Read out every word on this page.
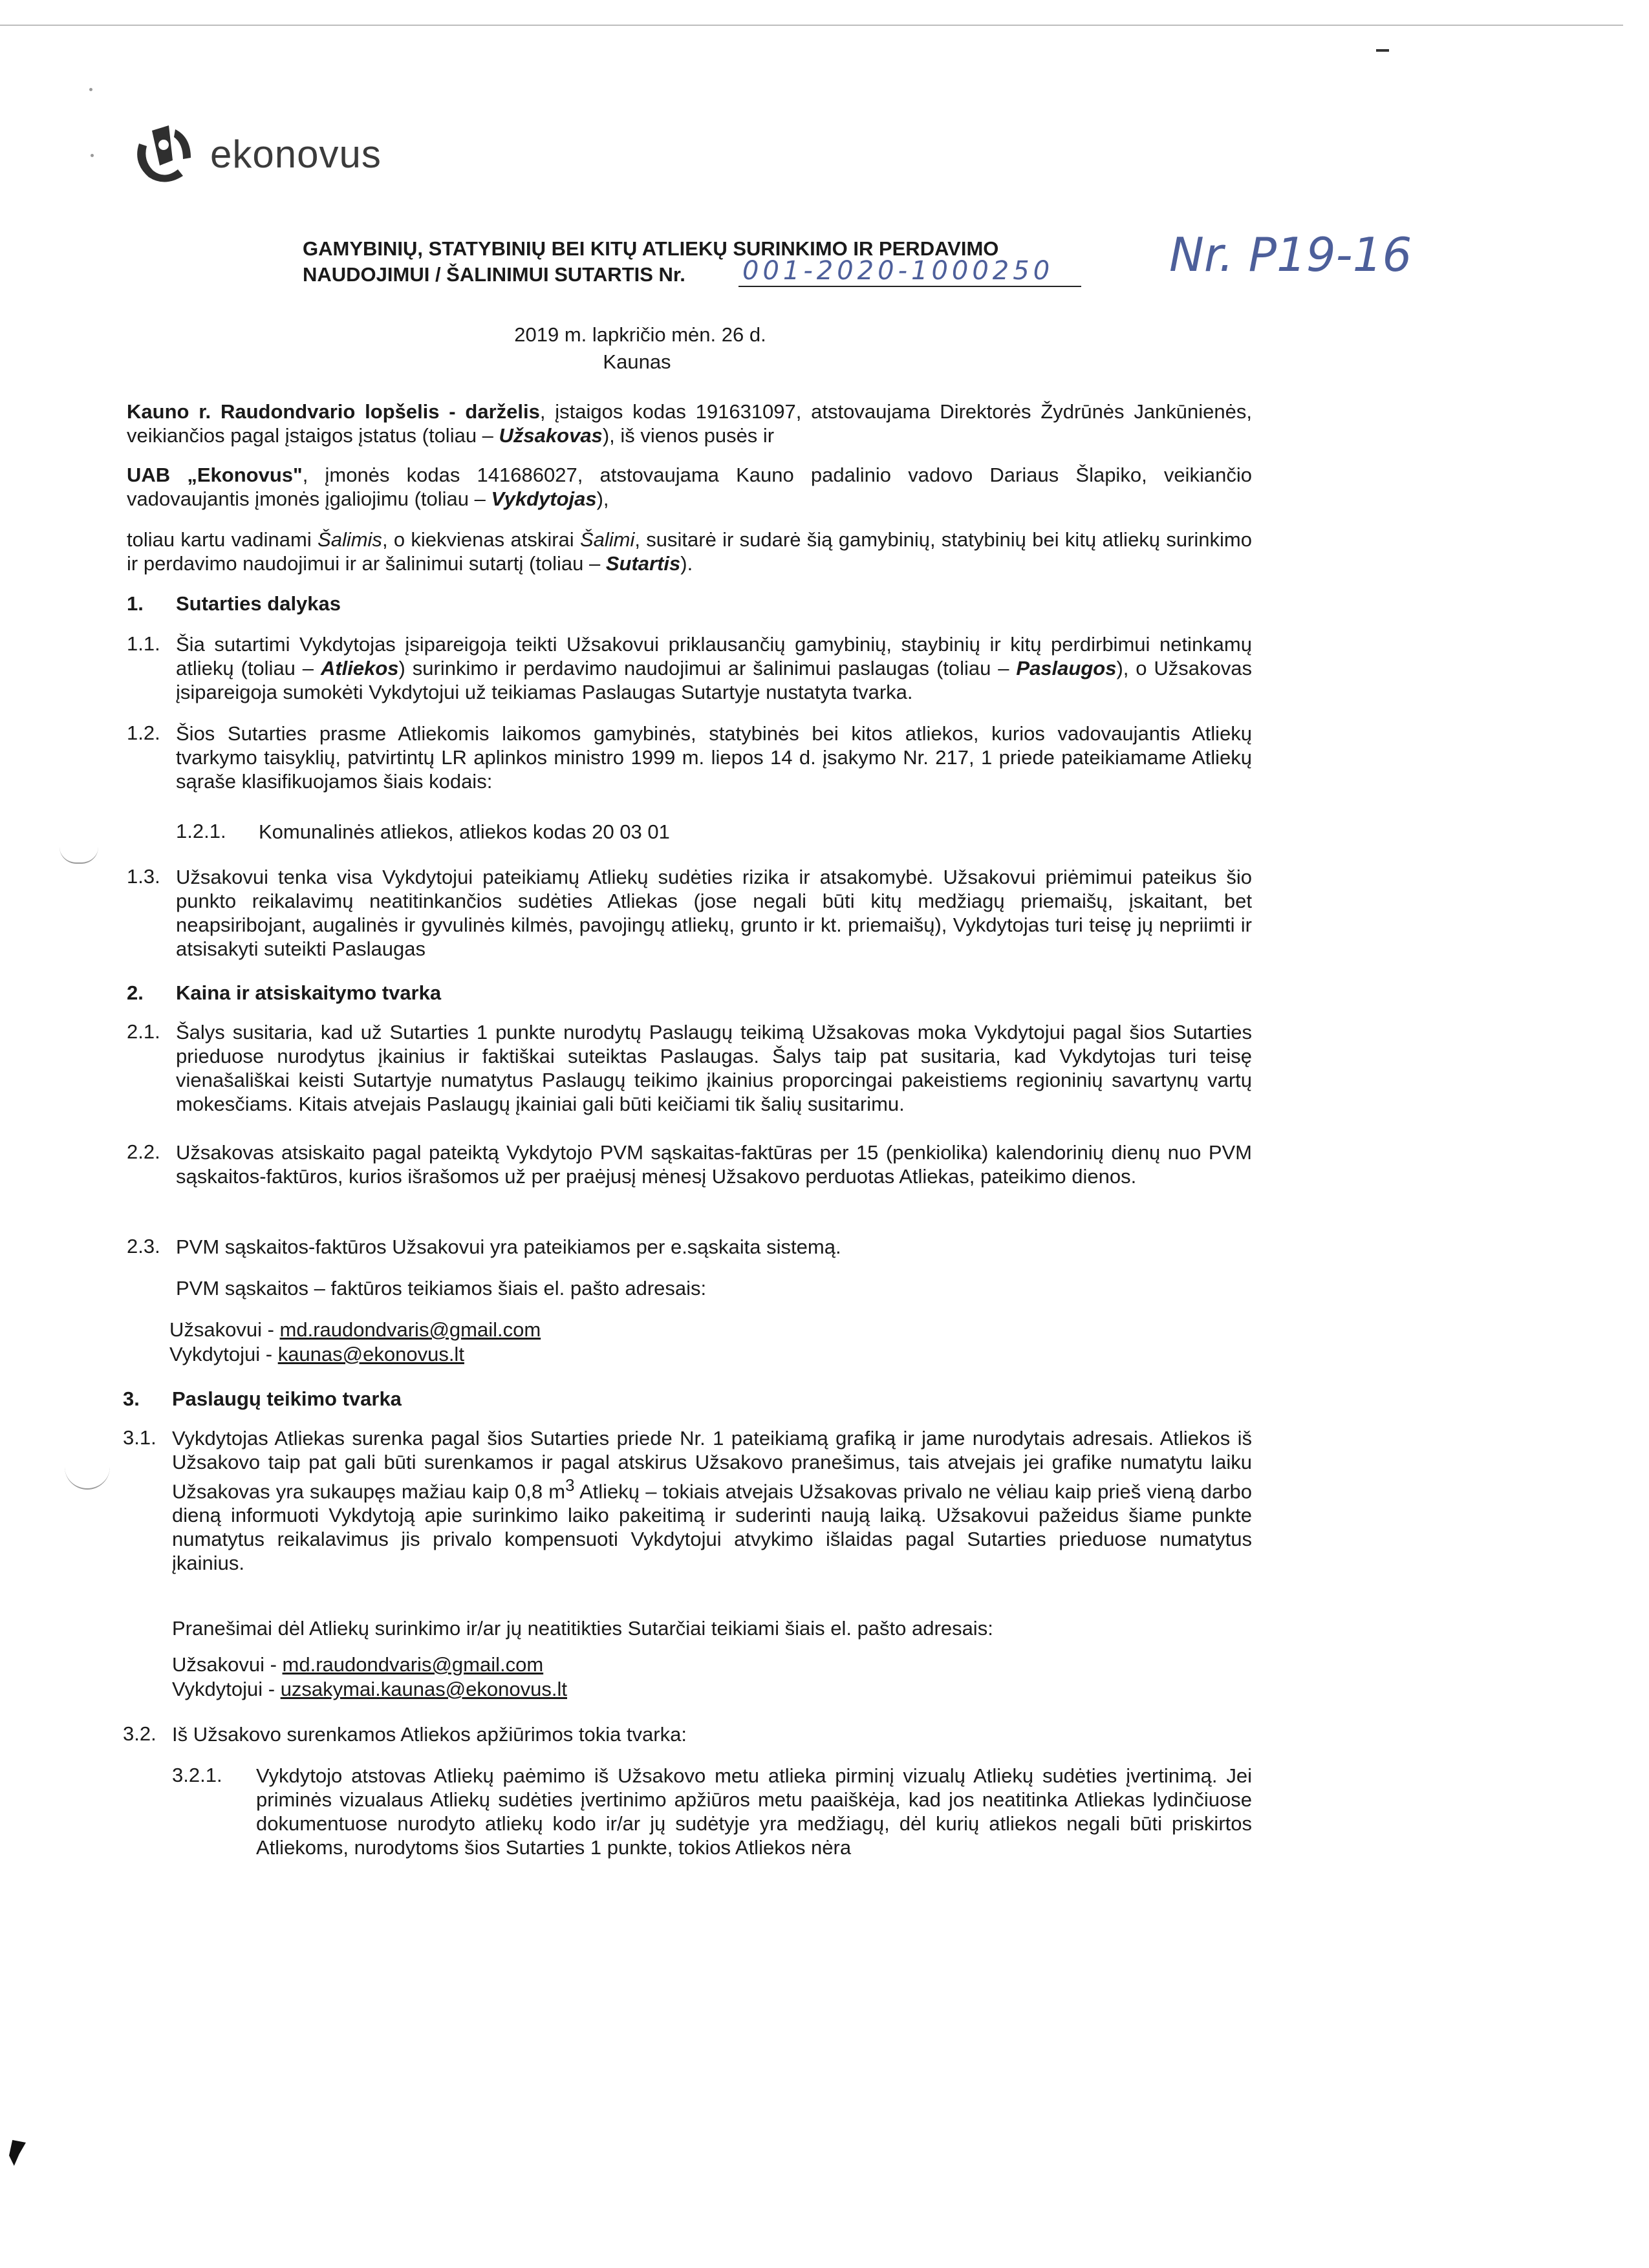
ekonovus
GAMYBINIŲ, STATYBINIŲ BEI KITŲ ATLIEKŲ SURINKIMO IR PERDAVIMO
NAUDOJIMUI / ŠALINIMUI SUTARTIS Nr.	001-2020-1000250 Nr. P19-16
2019 m. lapkričio mėn. 26 d.
Kaunas
Kauno r. Raudondvario lopšelis - darželis, įstaigos kodas 191631097, atstovaujama Direktorės Žydrūnės Jankūnienės, veikiančios pagal įstaigos įstatus (toliau – Užsakovas), iš vienos pusės ir
UAB „Ekonovus", įmonės kodas 141686027, atstovaujama Kauno padalinio vadovo Dariaus Šlapiko, veikiančio vadovaujantis įmonės įgaliojimu (toliau – Vykdytojas),
toliau kartu vadinami Šalimis, o kiekvienas atskirai Šalimi, susitarė ir sudarė šią gamybinių, statybinių bei kitų atliekų surinkimo ir perdavimo naudojimui ir ar šalinimui sutartį (toliau – Sutartis).
1. Sutarties dalykas
1.1. Šia sutartimi Vykdytojas įsipareigoja teikti Užsakovui priklausančių gamybinių, staybinių ir kitų perdirbimui netinkamų atliekų (toliau – Atliekos) surinkimo ir perdavimo naudojimui ar šalinimui paslaugas (toliau – Paslaugos), o Užsakovas įsipareigoja sumokėti Vykdytojui už teikiamas Paslaugas Sutartyje nustatyta tvarka.
1.2. Šios Sutarties prasme Atliekomis laikomos gamybinės, statybinės bei kitos atliekos, kurios vadovaujantis Atliekų tvarkymo taisyklių, patvirtintų LR aplinkos ministro 1999 m. liepos 14 d. įsakymo Nr. 217, 1 priede pateikiamame Atliekų sąraše klasifikuojamos šiais kodais:
1.2.1. Komunalinės atliekos, atliekos kodas 20 03 01
1.3. Užsakovui tenka visa Vykdytojui pateikiamų Atliekų sudėties rizika ir atsakomybė. Užsakovui priėmimui pateikus šio punkto reikalavimų neatitinkančios sudėties Atliekas (jose negali būti kitų medžiagų priemaišų, įskaitant, bet neapsiribojant, augalinės ir gyvulinės kilmės, pavojingų atliekų, grunto ir kt. priemaišų), Vykdytojas turi teisę jų nepriimti ir atsisakyti suteikti Paslaugas
2. Kaina ir atsiskaitymo tvarka
2.1. Šalys susitaria, kad už Sutarties 1 punkte nurodytų Paslaugų teikimą Užsakovas moka Vykdytojui pagal šios Sutarties prieduose nurodytus įkainius ir faktiškai suteiktas Paslaugas. Šalys taip pat susitaria, kad Vykdytojas turi teisę vienašališkai keisti Sutartyje numatytus Paslaugų teikimo įkainius proporcingai pakeistiems regioninių savartynų vartų mokesčiams. Kitais atvejais Paslaugų įkainiai gali būti keičiami tik šalių susitarimu.
2.2. Užsakovas atsiskaito pagal pateiktą Vykdytojo PVM sąskaitas-faktūras per 15 (penkiolika) kalendorinių dienų nuo PVM sąskaitos-faktūros, kurios išrašomos už per praėjusį mėnesį Užsakovo perduotas Atliekas, pateikimo dienos.
2.3. PVM sąskaitos-faktūros Užsakovui yra pateikiamos per e.sąskaita sistemą.
PVM sąskaitos – faktūros teikiamos šiais el. pašto adresais:
Užsakovui - md.raudondvaris@gmail.com
Vykdytojui - kaunas@ekonovus.lt
3. Paslaugų teikimo tvarka
3.1. Vykdytojas Atliekas surenka pagal šios Sutarties priede Nr. 1 pateikiamą grafiką ir jame nurodytais adresais. Atliekos iš Užsakovo taip pat gali būti surenkamos ir pagal atskirus Užsakovo pranešimus, tais atvejais jei grafike numatytu laiku Užsakovas yra sukaupęs mažiau kaip 0,8 $m^3$ Atliekų – tokiais atvejais Užsakovas privalo ne vėliau kaip prieš vieną darbo dieną informuoti Vykdytoją apie surinkimo laiko pakeitimą ir suderinti naują laiką. Užsakovui pažeidus šiame punkte numatytus reikalavimus jis privalo kompensuoti Vykdytojui atvykimo išlaidas pagal Sutarties prieduose numatytus įkainius.
Pranešimai dėl Atliekų surinkimo ir/ar jų neatitikties Sutarčiai teikiami šiais el. pašto adresais:
Užsakovui - md.raudondvaris@gmail.com
Vykdytojui - uzsakymai.kaunas@ekonovus.lt
3.2. Iš Užsakovo surenkamos Atliekos apžiūrimos tokia tvarka:
3.2.1. Vykdytojo atstovas Atliekų paėmimo iš Užsakovo metu atlieka pirminį vizualų Atliekų sudėties įvertinimą. Jei priminės vizualaus Atliekų sudėties įvertinimo apžiūros metu paaiškėja, kad jos neatitinka Atliekas lydinčiuose dokumentuose nurodyto atliekų kodo ir/ar jų sudėtyje yra medžiagų, dėl kurių atliekos negali būti priskirtos Atliekoms, nurodytoms šios Sutarties 1 punkte, tokios Atliekos nėra
